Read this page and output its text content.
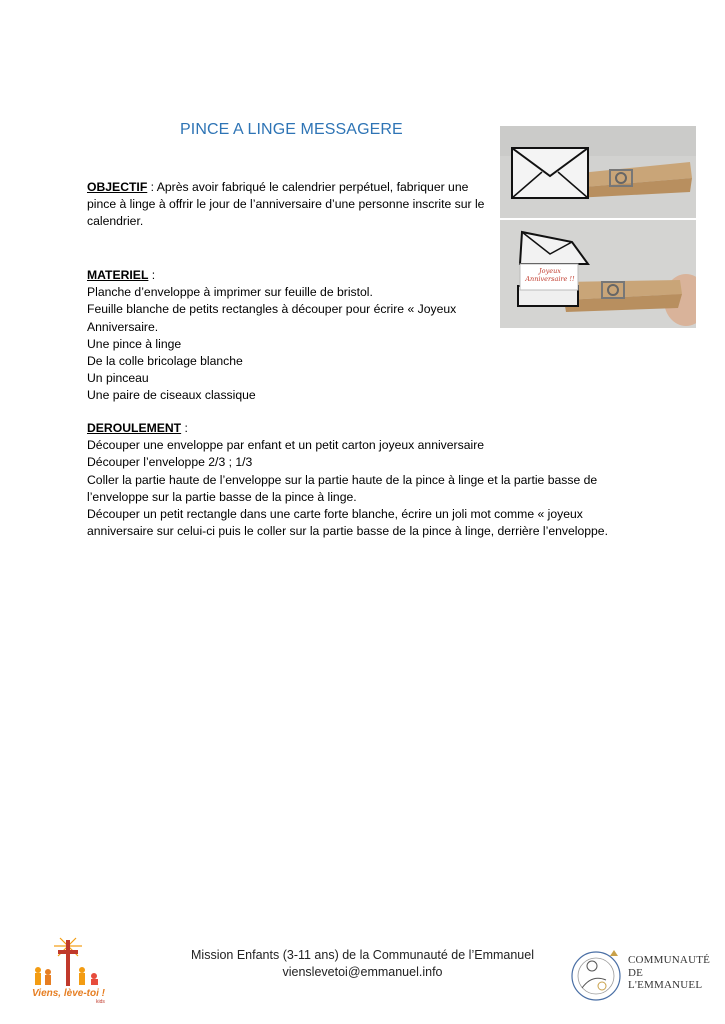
PINCE A LINGE MESSAGERE

OBJECTIF : Après avoir fabriqué le calendrier perpétuel, fabriquer une pince à linge à offrir le jour de l’anniversaire d’une personne inscrite sur le calendrier.

MATERIEL :

Planche d’enveloppe à imprimer sur feuille de bristol.

Feuille blanche de petits rectangles à découper pour écrire « Joyeux Anniversaire.

Une pince à linge

De la colle bricolage blanche

Un pinceau

Une paire de ciseaux classique

DEROULEMENT :

Découper une enveloppe par enfant et un petit carton joyeux anniversaire

Découper l’enveloppe 2/3 ; 1/3

Coller la partie haute de l’enveloppe sur la partie haute de la pince à linge et la partie basse de l’enveloppe sur la partie basse de la pince à linge.

Découper un petit rectangle dans une carte forte blanche, écrire un joli mot comme « joyeux anniversaire sur celui-ci puis le coller sur la partie basse de la pince à linge, derrière l’enveloppe.

Joyeux Anniversaire !!

Mission Enfants (3-11 ans) de la Communauté de l’Emmanuel

viensleveto​i@emmanuel.info

Viens, lève-toi !
kids
COMMUNAUTÉ
DE L'EMMANUEL
